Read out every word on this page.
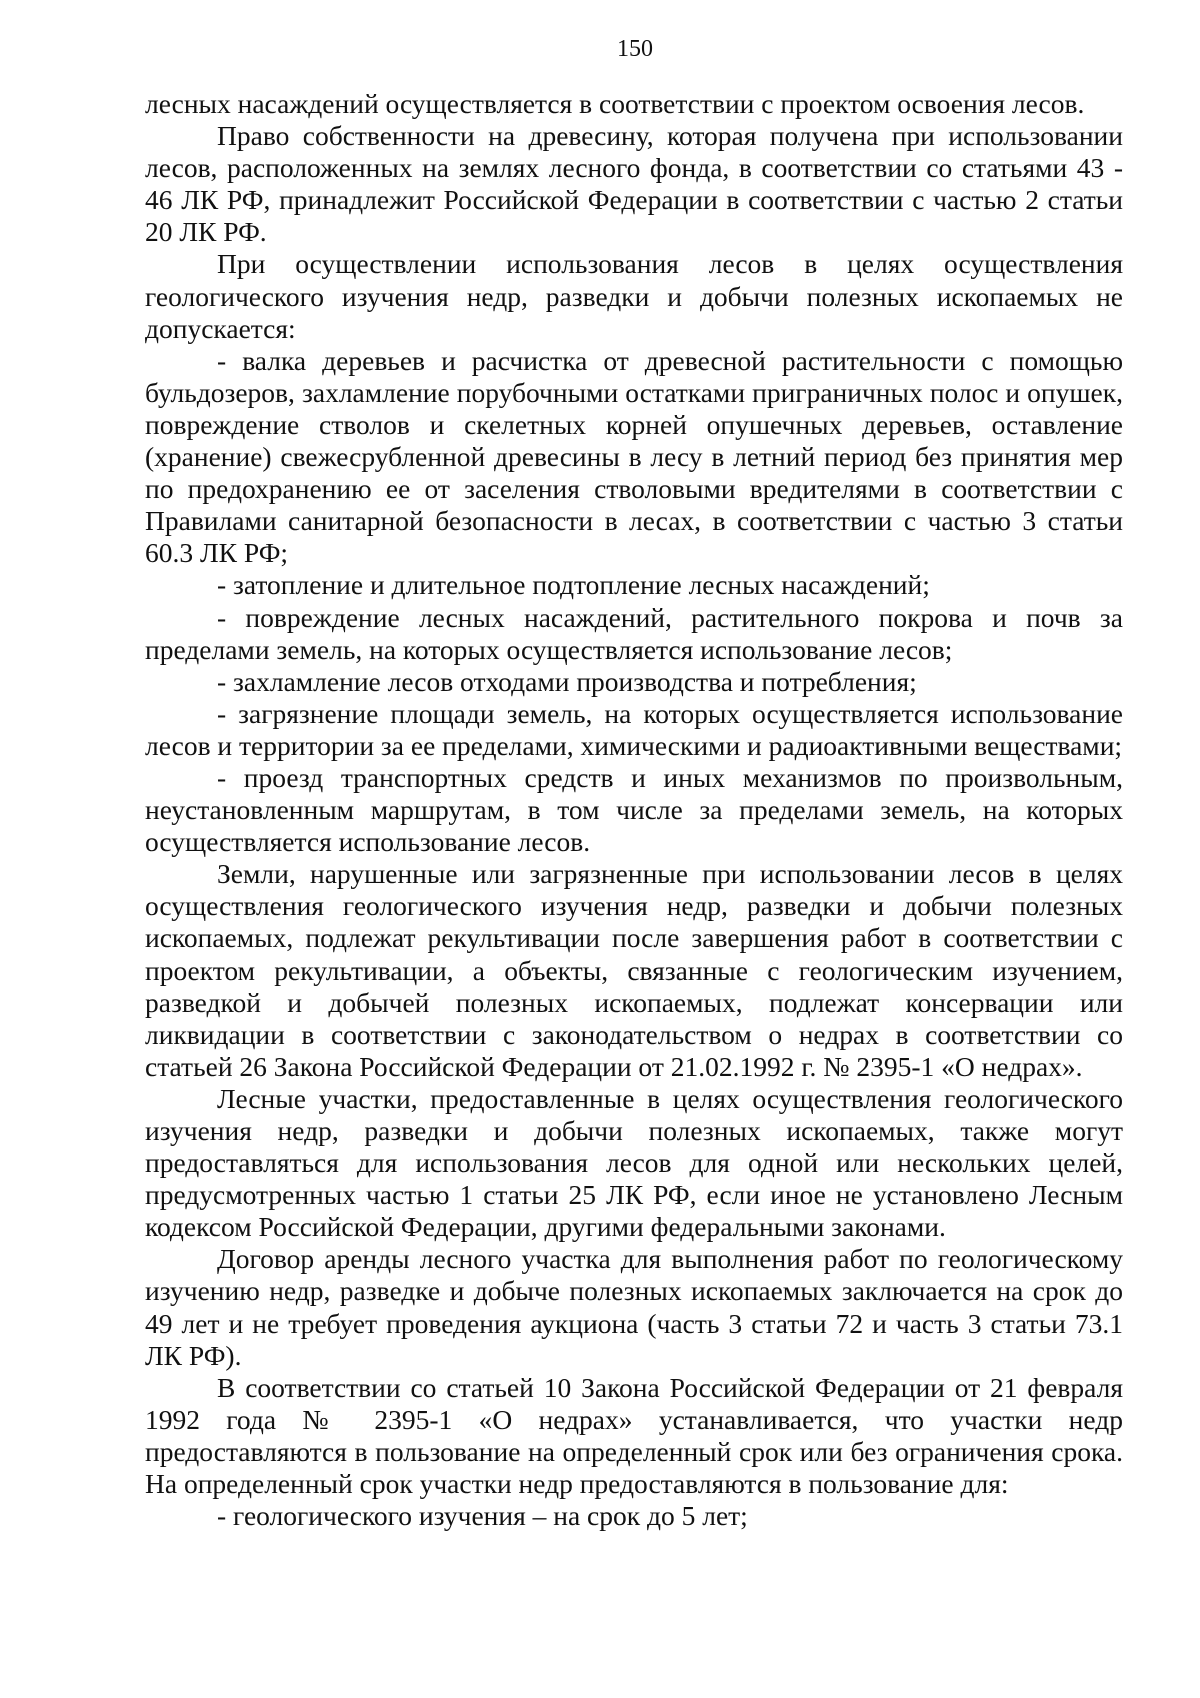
150

лесных насаждений осуществляется в соответствии с проектом освоения лесов.

Право собственности на древесину, которая получена при использовании лесов, расположенных на землях лесного фонда, в соответствии со статьями 43 - 46 ЛК РФ, принадлежит Российской Федерации в соответствии с частью 2 статьи 20 ЛК РФ.

При осуществлении использования лесов в целях осуществления геологического изучения недр, разведки и добычи полезных ископаемых не допускается:

- валка деревьев и расчистка от древесной растительности с помощью бульдозеров, захламление порубочными остатками приграничных полос и опушек, повреждение стволов и скелетных корней опушечных деревьев, оставление (хранение) свежесрубленной древесины в лесу в летний период без принятия мер по предохранению ее от заселения стволовыми вредителями в соответствии с Правилами санитарной безопасности в лесах, в соответствии с частью 3 статьи 60.3 ЛК РФ;

- затопление и длительное подтопление лесных насаждений;

- повреждение лесных насаждений, растительного покрова и почв за пределами земель, на которых осуществляется использование лесов;

- захламление лесов отходами производства и потребления;

- загрязнение площади земель, на которых осуществляется использование лесов и территории за ее пределами, химическими и радиоактивными веществами;

- проезд транспортных средств и иных механизмов по произвольным, неустановленным маршрутам, в том числе за пределами земель, на которых осуществляется использование лесов.

Земли, нарушенные или загрязненные при использовании лесов в целях осуществления геологического изучения недр, разведки и добычи полезных ископаемых, подлежат рекультивации после завершения работ в соответствии с проектом рекультивации, а объекты, связанные с геологическим изучением, разведкой и добычей полезных ископаемых, подлежат консервации или ликвидации в соответствии с законодательством о недрах в соответствии со статьей 26 Закона Российской Федерации от 21.02.1992 г. № 2395-1 «О недрах».

Лесные участки, предоставленные в целях осуществления геологического изучения недр, разведки и добычи полезных ископаемых, также могут предоставляться для использования лесов для одной или нескольких целей, предусмотренных частью 1 статьи 25 ЛК РФ, если иное не установлено Лесным кодексом Российской Федерации, другими федеральными законами.

Договор аренды лесного участка для выполнения работ по геологическому изучению недр, разведке и добыче полезных ископаемых заключается на срок до 49 лет и не требует проведения аукциона (часть 3 статьи 72 и часть 3 статьи 73.1 ЛК РФ).

В соответствии со статьей 10 Закона Российской Федерации от 21 февраля 1992 года № 2395-1 «О недрах» устанавливается, что участки недр предоставляются в пользование на определенный срок или без ограничения срока. На определенный срок участки недр предоставляются в пользование для:

- геологического изучения – на срок до 5 лет;
